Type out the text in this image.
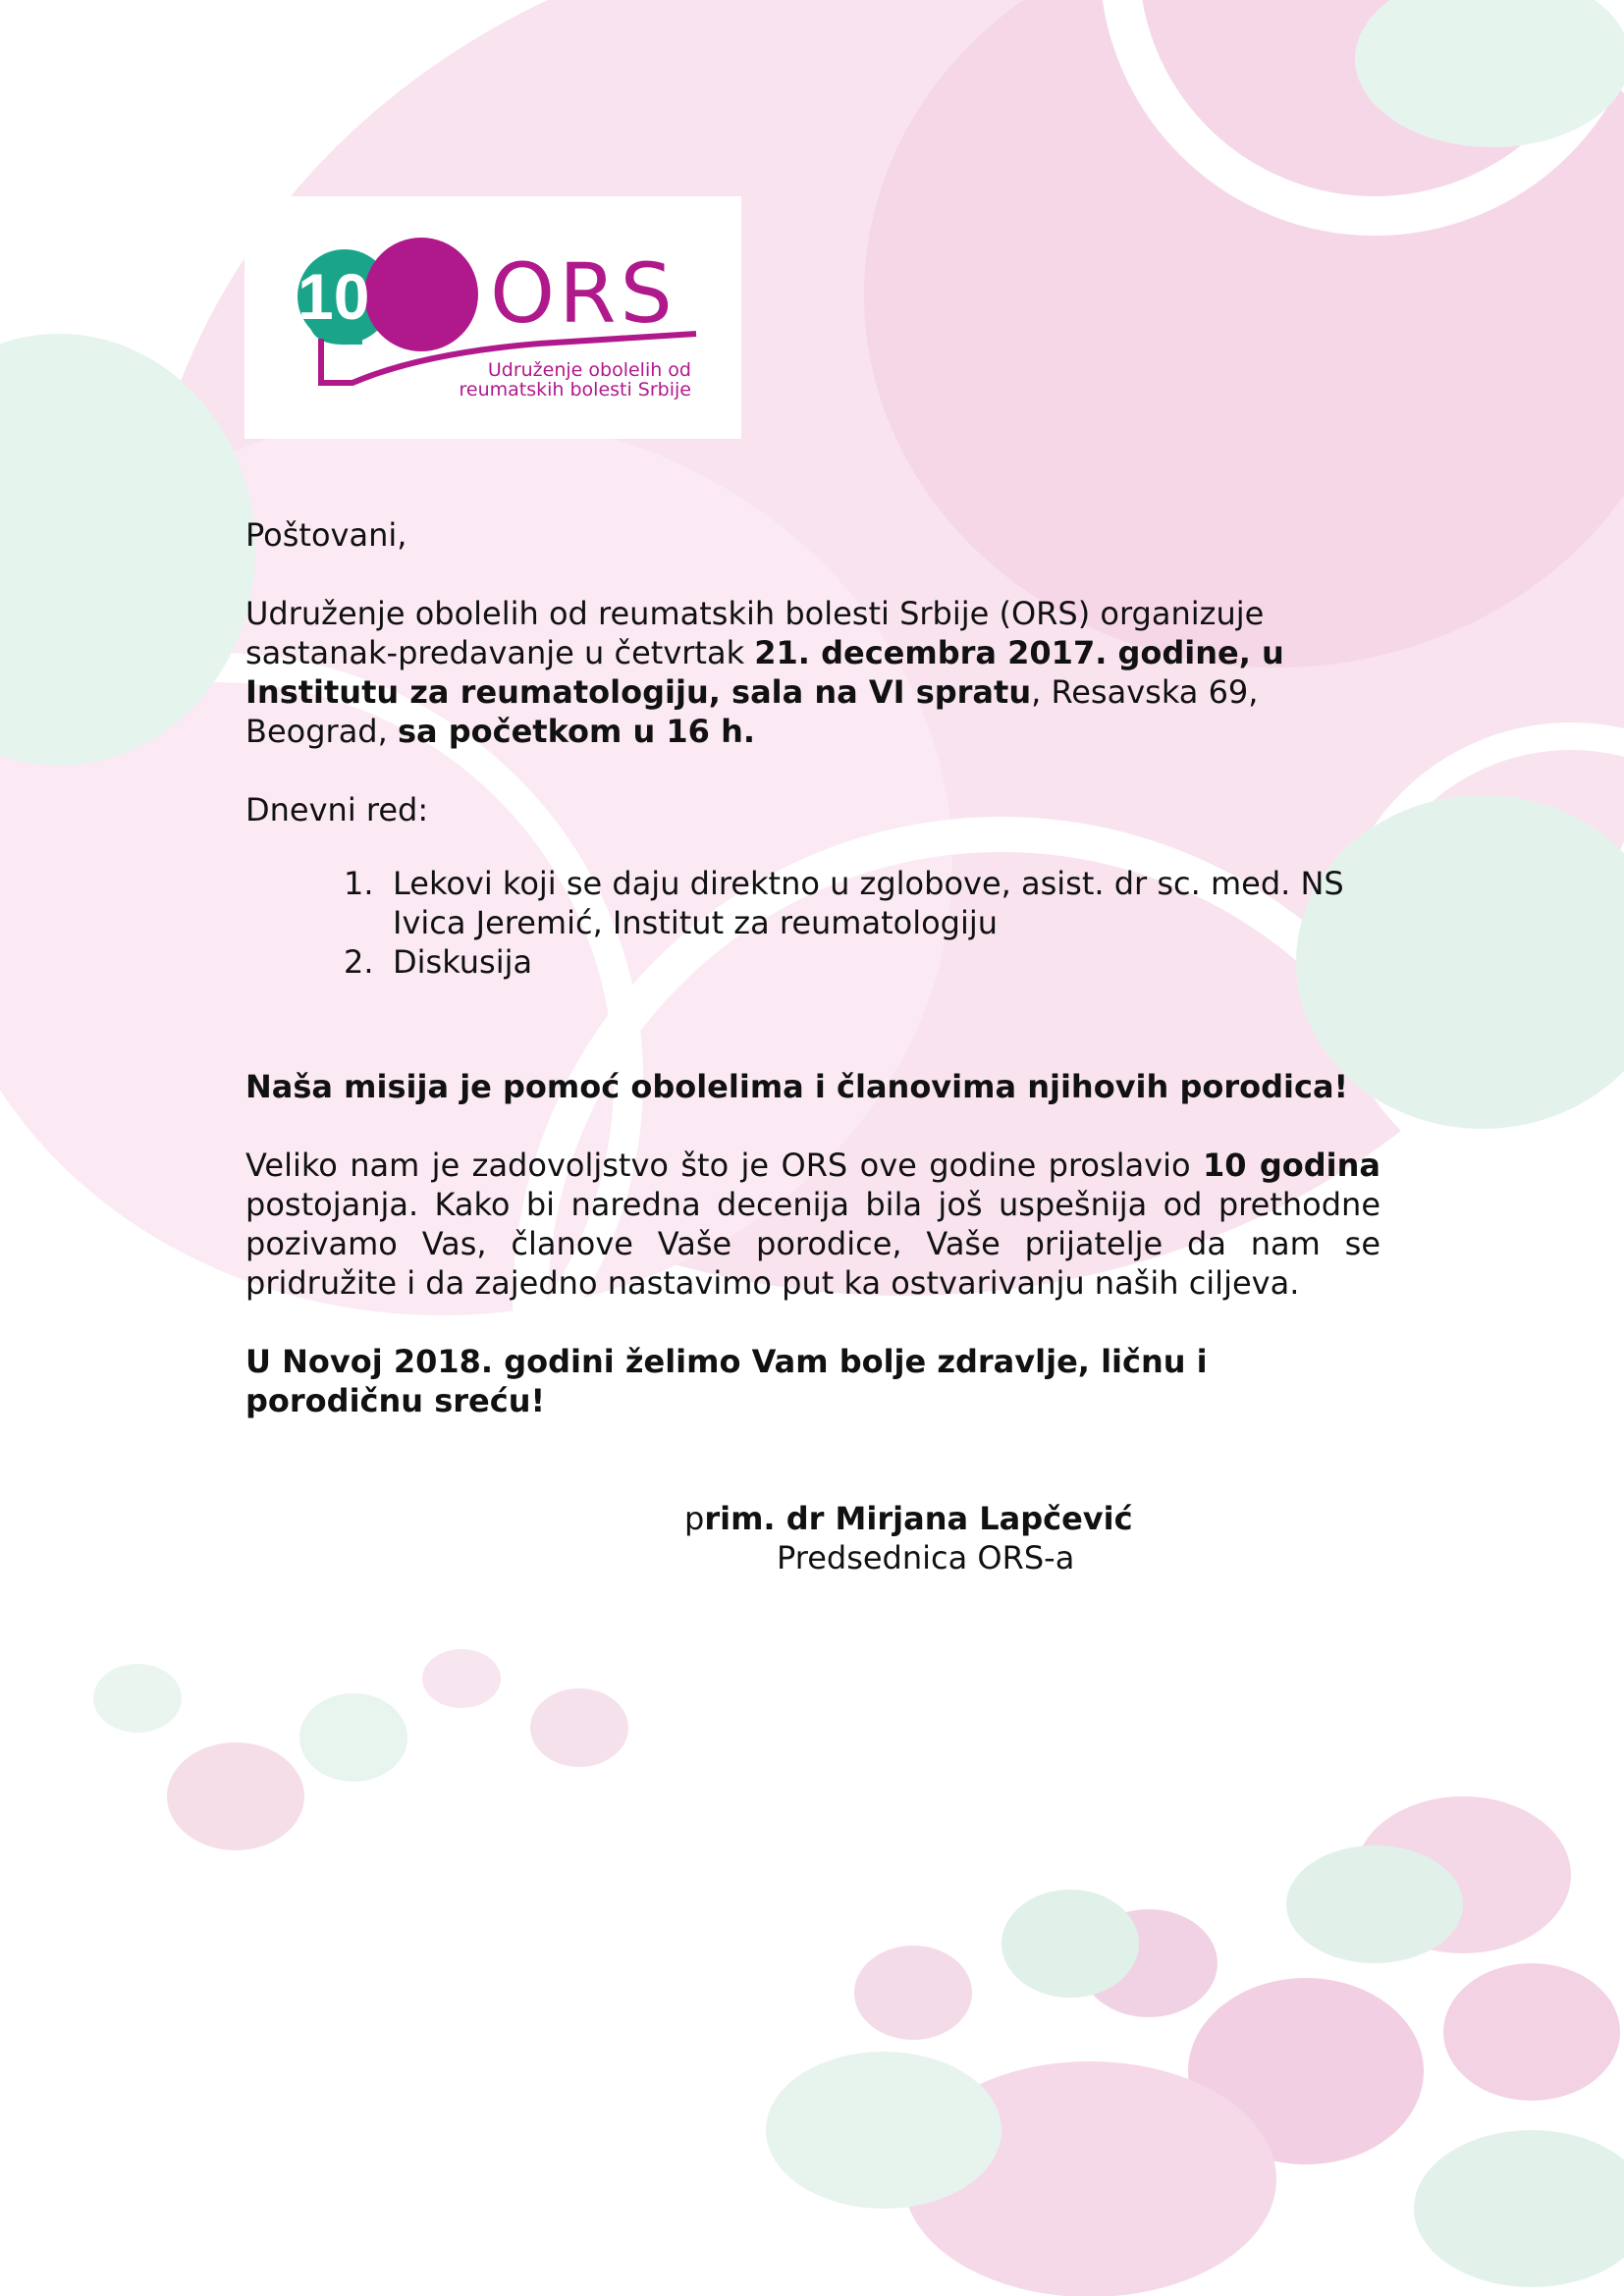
10 ORS
Udruženje obolelih od
reumatskih bolesti Srbije
Poštovani,
Udruženje obolelih od reumatskih bolesti Srbije (ORS) organizuje sastanak-predavanje u četvrtak 21. decembra 2017. godine, u Institutu za reumatologiju, sala na VI spratu, Resavska 69, Beograd, sa početkom u 16 h.
Dnevni red:
1. Lekovi koji se daju direktno u zglobove, asist. dr sc. med. NS Ivica Jeremić, Institut za reumatologiju
2. Diskusija
Naša misija je pomoć obolelima i članovima njihovih porodica!
Veliko nam je zadovoljstvo što je ORS ove godine proslavio 10 godina postojanja. Kako bi naredna decenija bila još uspešnija od prethodne pozivamo Vas, članove Vaše porodice, Vaše prijatelje da nam se pridružite i da zajedno nastavimo put ka ostvarivanju naših ciljeva.
U Novoj 2018. godini želimo Vam bolje zdravlje, ličnu i porodičnu sreću!
prim. dr Mirjana Lapčević
Predsednica ORS-a
